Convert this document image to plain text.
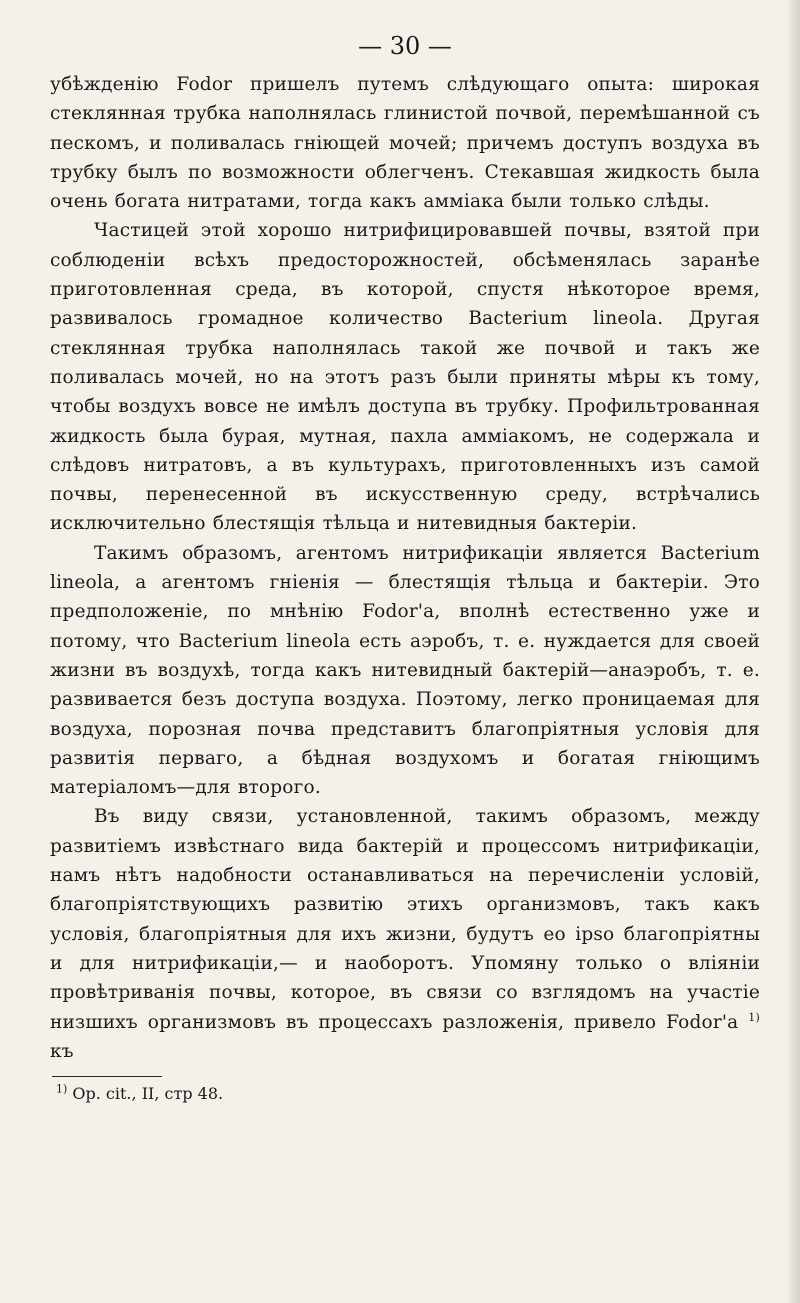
— 30 —

убѣжденію Fodor пришелъ путемъ слѣдующаго опыта: широкая стеклянная трубка наполнялась глинистой почвой, перемѣшанной съ пескомъ, и поливалась гніющей мочей; причемъ доступъ воздуха въ трубку былъ по возможности облегченъ. Стекавшая жидкость была очень богата нитратами, тогда какъ амміака были только слѣды.

Частицей этой хорошо нитрифицировавшей почвы, взятой при соблюденіи всѣхъ предосторожностей, обсѣменялась заранѣе приготовленная среда, въ которой, спустя нѣкоторое время, развивалось громадное количество Bacterium lineola. Другая стеклянная трубка наполнялась такой же почвой и такъ же поливалась мочей, но на этотъ разъ были приняты мѣры къ тому, чтобы воздухъ вовсе не имѣлъ доступа въ трубку. Профильтрованная жидкость была бурая, мутная, пахла амміакомъ, не содержала и слѣдовъ нитратовъ, а въ культурахъ, приготовленныхъ изъ самой почвы, перенесенной въ искусственную среду, встрѣчались исключительно блестящія тѣльца и нитевидныя бактеріи.

Такимъ образомъ, агентомъ нитрификаціи является Bacterium lineola, а агентомъ гніенія — блестящія тѣльца и бактеріи. Это предположеніе, по мнѣнію Fodor'а, вполнѣ естественно уже и потому, что Bacterium lineola есть аэробъ, т. е. нуждается для своей жизни въ воздухѣ, тогда какъ нитевидный бактерій—анаэробъ, т. е. развивается безъ доступа воздуха. Поэтому, легко проницаемая для воздуха, порозная почва представитъ благопріятныя условія для развитія перваго, а бѣдная воздухомъ и богатая гніющимъ матеріаломъ—для второго.

Въ виду связи, установленной, такимъ образомъ, между развитіемъ извѣстнаго вида бактерій и процессомъ нитрификаціи, намъ нѣтъ надобности останавливаться на перечисленіи условій, благопріятствующихъ развитію этихъ организмовъ, такъ какъ условія, благопріятныя для ихъ жизни, будутъ eo ipso благопріятны и для нитрификаціи,— и наоборотъ. Упомяну только о вліяніи провѣтриванія почвы, которое, въ связи со взглядомъ на участіе низшихъ организмовъ въ процессахъ разложенія, привело Fodor'а $^{1)}$ къ

$^{1)}$ Op. cit., II, стр 48.
